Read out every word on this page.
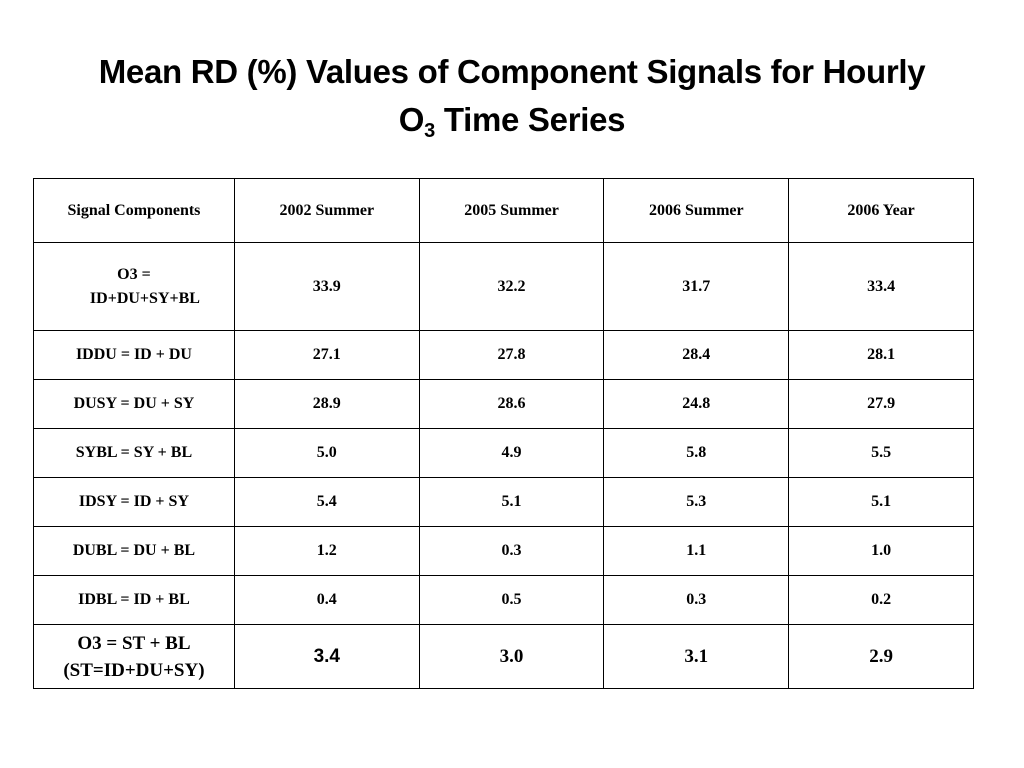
Mean RD (%) Values of Component Signals for Hourly
$O_3$ Time Series
Signal Components	2002 Summer	2005 Summer	2006 Summer	2006 Year

O3 =
ID+DU+SY+BL	33.9	32.2	31.7	33.4
IDDU = ID + DU	27.1	27.8	28.4	28.1
DUSY = DU + SY	28.9	28.6	24.8	27.9
SYBL = SY + BL	5.0	4.9	5.8	5.5
IDSY = ID + SY	5.4	5.1	5.3	5.1
DUBL = DU + BL	1.2	0.3	1.1	1.0
IDBL = ID + BL	0.4	0.5	0.3	0.2

O3 = ST + BL
(ST=ID+DU+SY)	3.4	3.0	3.1	2.9
